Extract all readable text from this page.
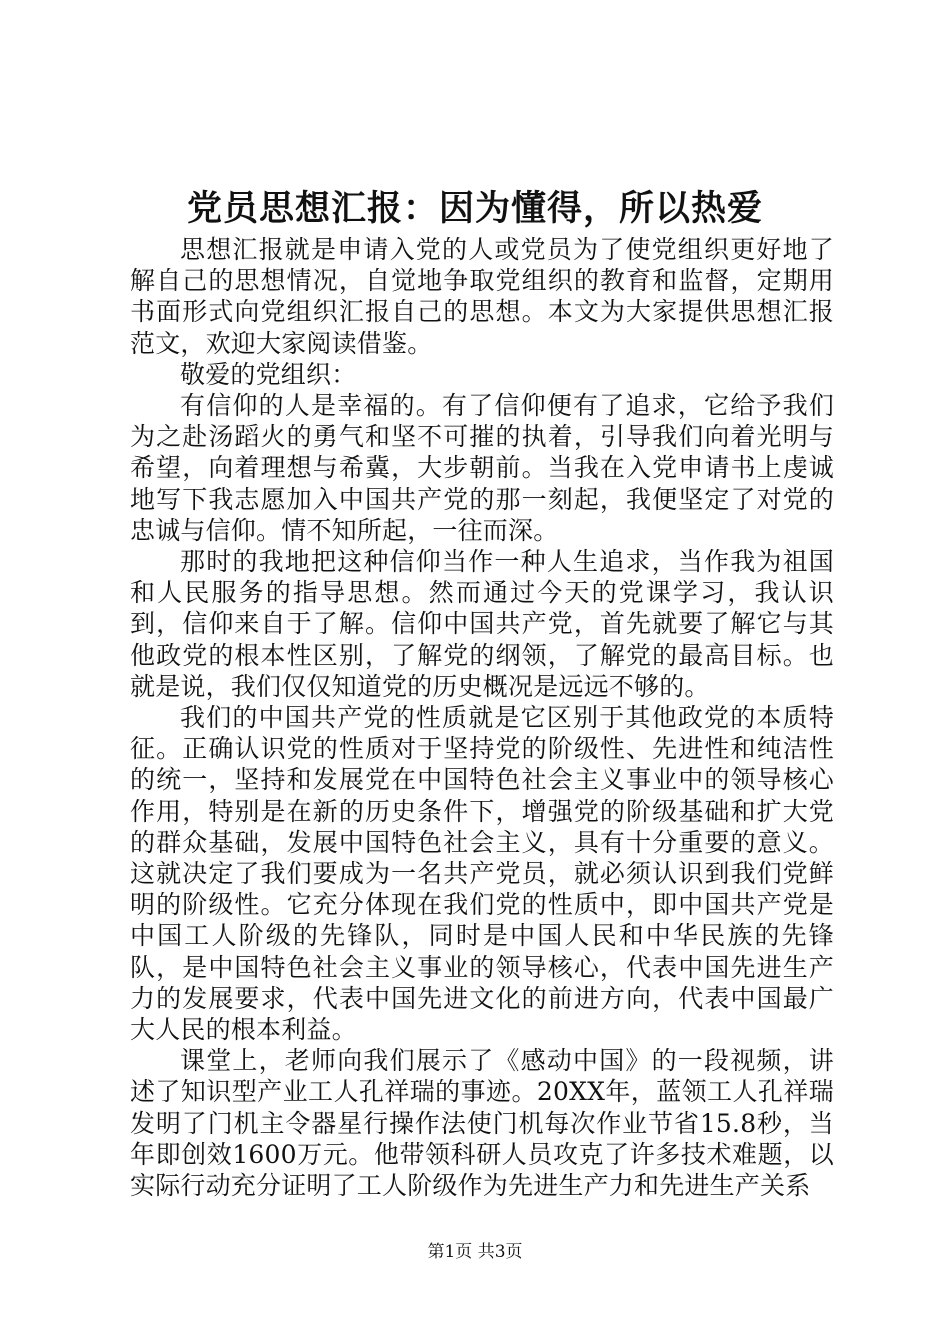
党员思想汇报：因为懂得，所以热爱

思想汇报就是申请入党的人或党员为了使党组织更好地了解自己的思想情况，自觉地争取党组织的教育和监督，定期用书面形式向党组织汇报自己的思想。本文为大家提供思想汇报范文，欢迎大家阅读借鉴。

敬爱的党组织：

有信仰的人是幸福的。有了信仰便有了追求，它给予我们为之赴汤蹈火的勇气和坚不可摧的执着，引导我们向着光明与希望，向着理想与希冀，大步朝前。当我在入党申请书上虔诚地写下我志愿加入中国共产党的那一刻起，我便坚定了对党的忠诚与信仰。情不知所起，一往而深。

那时的我地把这种信仰当作一种人生追求，当作我为祖国和人民服务的指导思想。然而通过今天的党课学习，我认识到，信仰来自于了解。信仰中国共产党，首先就要了解它与其他政党的根本性区别，了解党的纲领，了解党的最高目标。也就是说，我们仅仅知道党的历史概况是远远不够的。

我们的中国共产党的性质就是它区别于其他政党的本质特征。正确认识党的性质对于坚持党的阶级性、先进性和纯洁性的统一，坚持和发展党在中国特色社会主义事业中的领导核心作用，特别是在新的历史条件下，增强党的阶级基础和扩大党的群众基础，发展中国特色社会主义，具有十分重要的意义。这就决定了我们要成为一名共产党员，就必须认识到我们党鲜明的阶级性。它充分体现在我们党的性质中，即中国共产党是中国工人阶级的先锋队，同时是中国人民和中华民族的先锋队，是中国特色社会主义事业的领导核心，代表中国先进生产力的发展要求，代表中国先进文化的前进方向，代表中国最广大人民的根本利益。

课堂上，老师向我们展示了《感动中国》的一段视频，讲述了知识型产业工人孔祥瑞的事迹。20XX年，蓝领工人孔祥瑞发明了门机主令器星行操作法使门机每次作业节省15.8秒，当年即创效1600万元。他带领科研人员攻克了许多技术难题，以实际行动充分证明了工人阶级作为先进生产力和先进生产关系

第1页 共3页
